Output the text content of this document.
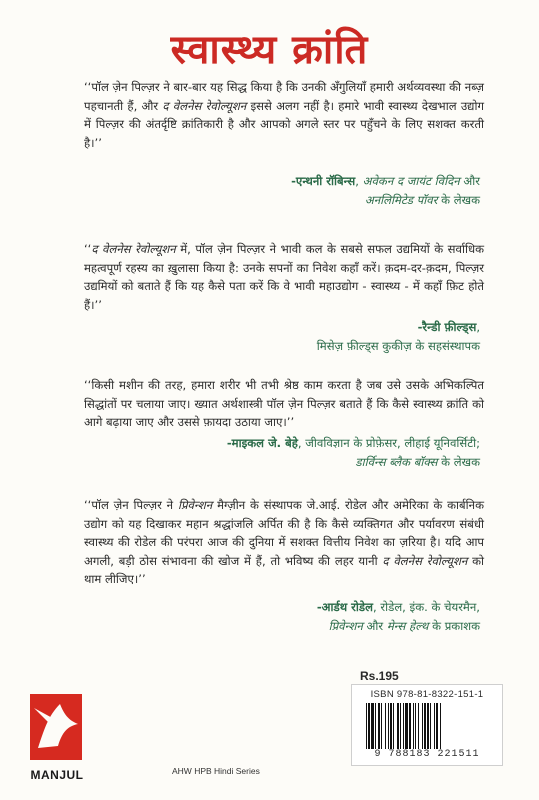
स्वास्थ्य क्रांति
‘‘पॉल ज़ेन पिल्ज़र ने बार-बार यह सिद्ध किया है कि उनकी अँगुलियाँ हमारी अर्थव्यवस्था की नब्ज़ पहचानती हैं, और द वेलनेस रेवोल्यूशन इससे अलग नहीं है। हमारे भावी स्वास्थ्य देखभाल उद्योग में पिल्ज़र की अंतर्दृष्टि क्रांतिकारी है और आपको अगले स्तर पर पहुँचने के लिए सशक्त करती है।’’
-एन्थनी रॉबिन्स, अवेकन द जायंट विदिन और
अनलिमिटेड पॉवर के लेखक
‘‘द वेलनेस रेवोल्यूशन में, पॉल ज़ेन पिल्ज़र ने भावी कल के सबसे सफल उद्यमियों के सर्वाधिक महत्वपूर्ण रहस्य का ख़ुलासा किया है: उनके सपनों का निवेश कहाँ करें। क़दम-दर-क़दम, पिल्ज़र उद्यमियों को बताते हैं कि यह कैसे पता करें कि वे भावी महाउद्योग - स्वास्थ्य - में कहाँ फ़िट होते हैं।’’
-रैन्डी फ़ील्ड्स,
मिसेज़ फ़ील्ड्स कुकीज़ के सहसंस्थापक
‘‘किसी मशीन की तरह, हमारा शरीर भी तभी श्रेष्ठ काम करता है जब उसे उसके अभिकल्पित सिद्धांतों पर चलाया जाए। ख्यात अर्थशास्त्री पॉल ज़ेन पिल्ज़र बताते हैं कि कैसे स्वास्थ्य क्रांति को आगे बढ़ाया जाए और उससे फ़ायदा उठाया जाए।’’
-माइकल जे. बेहे, जीवविज्ञान के प्रोफ़ेसर, लीहाई यूनिवर्सिटी;
डार्विन्स ब्लैक बॉक्स के लेखक
‘‘पॉल ज़ेन पिल्ज़र ने प्रिवेन्शन मैग्ज़ीन के संस्थापक जे.आई. रोडेल और अमेरिका के कार्बनिक उद्योग को यह दिखाकर महान श्रद्धांजलि अर्पित की है कि कैसे व्यक्तिगत और पर्यावरण संबंधी स्वास्थ्य की रोडेल की परंपरा आज की दुनिया में सशक्त वित्तीय निवेश का ज़रिया है। यदि आप अगली, बड़ी ठोस संभावना की खोज में हैं, तो भविष्य की लहर यानी द वेलनेस रेवोल्यूशन को थाम लीजिए।’’
-आर्डथ रोडेल, रोडेल, इंक. के चेयरमैन,
प्रिवेन्शन और मेन्स हेल्थ के प्रकाशक
Rs.195
ISBN 978-81-8322-151-1
9 788183 221511
AHW HPB Hindi Series
MANJUL
